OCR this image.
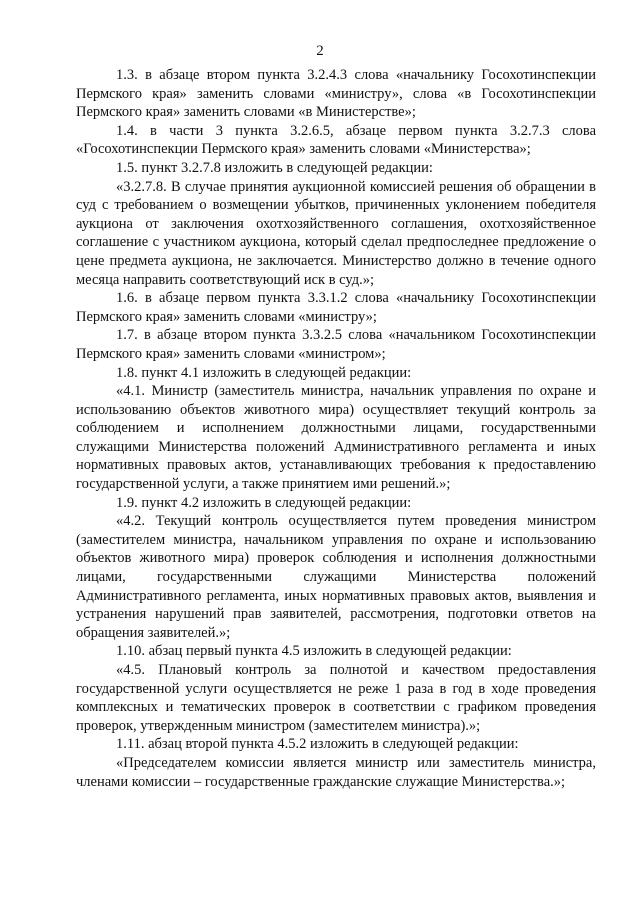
2

1.3. в абзаце втором пункта 3.2.4.3 слова «начальнику Госохотинспекции Пермского края» заменить словами «министру», слова «в Госохотинспекции Пермского края» заменить словами «в Министерстве»;

1.4. в части 3 пункта 3.2.6.5, абзаце первом пункта 3.2.7.3 слова «Госохотинспекции Пермского края» заменить словами «Министерства»;

1.5. пункт 3.2.7.8 изложить в следующей редакции:

«3.2.7.8. В случае принятия аукционной комиссией решения об обращении в суд с требованием о возмещении убытков, причиненных уклонением победителя аукциона от заключения охотхозяйственного соглашения, охотхозяйственное соглашение с участником аукциона, который сделал предпоследнее предложение о цене предмета аукциона, не заключается. Министерство должно в течение одного месяца направить соответствующий иск в суд.»;

1.6. в абзаце первом пункта 3.3.1.2 слова «начальнику Госохотинспекции Пермского края» заменить словами «министру»;

1.7. в абзаце втором пункта 3.3.2.5 слова «начальником Госохотинспекции Пермского края» заменить словами «министром»;

1.8. пункт 4.1 изложить в следующей редакции:

«4.1. Министр (заместитель министра, начальник управления по охране и использованию объектов животного мира) осуществляет текущий контроль за соблюдением и исполнением должностными лицами, государственными служащими Министерства положений Административного регламента и иных нормативных правовых актов, устанавливающих требования к предоставлению государственной услуги, а также принятием ими решений.»;

1.9. пункт 4.2 изложить в следующей редакции:

«4.2. Текущий контроль осуществляется путем проведения министром (заместителем министра, начальником управления по охране и использованию объектов животного мира) проверок соблюдения и исполнения должностными лицами, государственными служащими Министерства положений Административного регламента, иных нормативных правовых актов, выявления и устранения нарушений прав заявителей, рассмотрения, подготовки ответов на обращения заявителей.»;

1.10. абзац первый пункта 4.5 изложить в следующей редакции:

«4.5. Плановый контроль за полнотой и качеством предоставления государственной услуги осуществляется не реже 1 раза в год в ходе проведения комплексных и тематических проверок в соответствии с графиком проведения проверок, утвержденным министром (заместителем министра).»;

1.11. абзац второй пункта 4.5.2 изложить в следующей редакции:

«Председателем комиссии является министр или заместитель министра, членами комиссии – государственные гражданские служащие Министерства.»;
